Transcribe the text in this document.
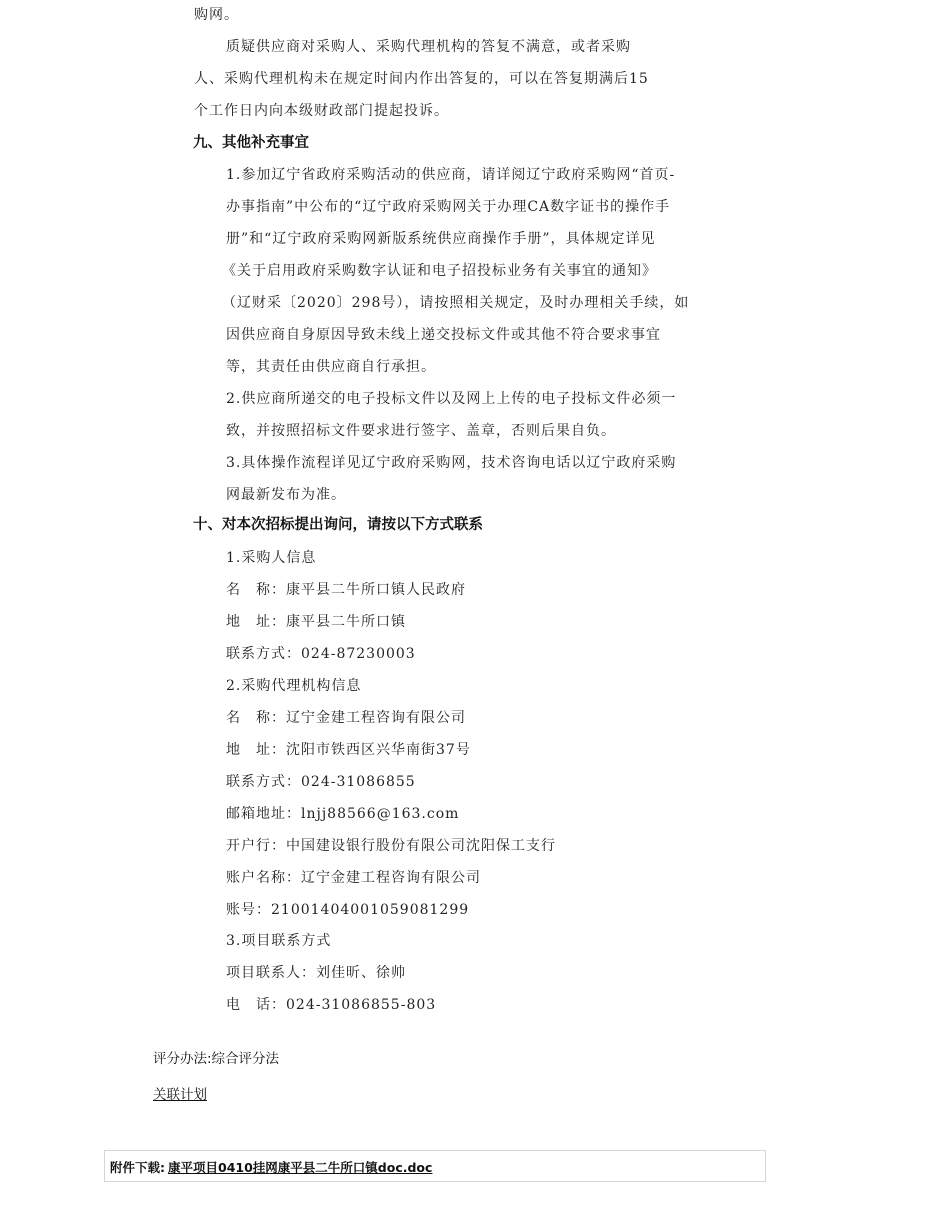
购网。
质疑供应商对采购人、采购代理机构的答复不满意，或者采购
人、采购代理机构未在规定时间内作出答复的，可以在答复期满后15
个工作日内向本级财政部门提起投诉。
九、其他补充事宜
1.参加辽宁省政府采购活动的供应商，请详阅辽宁政府采购网“首页-
办事指南”中公布的“辽宁政府采购网关于办理CA数字证书的操作手
册”和“辽宁政府采购网新版系统供应商操作手册”，具体规定详见
《关于启用政府采购数字认证和电子招投标业务有关事宜的通知》
（辽财采〔2020〕298号），请按照相关规定，及时办理相关手续，如
因供应商自身原因导致未线上递交投标文件或其他不符合要求事宜
等，其责任由供应商自行承担。
2.供应商所递交的电子投标文件以及网上上传的电子投标文件必须一
致，并按照招标文件要求进行签字、盖章，否则后果自负。
3.具体操作流程详见辽宁政府采购网，技术咨询电话以辽宁政府采购
网最新发布为准。
十、对本次招标提出询问，请按以下方式联系
1.采购人信息
名　称：康平县二牛所口镇人民政府
地　址：康平县二牛所口镇
联系方式：024-87230003
2.采购代理机构信息
名　称：辽宁金建工程咨询有限公司
地　址：沈阳市铁西区兴华南街37号
联系方式：024-31086855
邮箱地址：lnjj88566@163.com
开户行：中国建设银行股份有限公司沈阳保工支行
账户名称：辽宁金建工程咨询有限公司
账号：21001404001059081299
3.项目联系方式
项目联系人：刘佳昕、徐帅
电　话：024-31086855-803
评分办法:综合评分法
关联计划
附件下载: 康平项目0410挂网康平县二牛所口镇doc.doc
